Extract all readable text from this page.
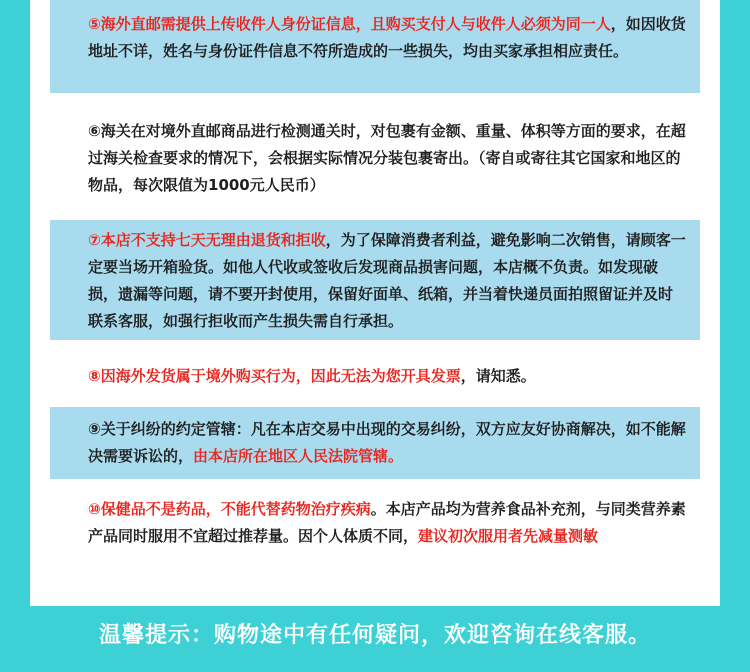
⑤海外直邮需提供上传收件人身份证信息，且购买支付人与收件人必须为同一人，如因收货地址不详，姓名与身份证件信息不符所造成的一些损失，均由买家承担相应责任。
⑥海关在对境外直邮商品进行检测通关时，对包裹有金额、重量、体积等方面的要求，在超过海关检查要求的情况下，会根据实际情况分装包裹寄出。（寄自或寄往其它国家和地区的物品，每次限值为1000元人民币）
⑦本店不支持七天无理由退货和拒收，为了保障消费者利益，避免影响二次销售，请顾客一定要当场开箱验货。如他人代收或签收后发现商品损害问题，本店概不负责。如发现破损，遗漏等问题，请不要开封使用，保留好面单、纸箱，并当着快递员面拍照留证并及时联系客服，如强行拒收而产生损失需自行承担。
⑧因海外发货属于境外购买行为，因此无法为您开具发票，请知悉。
⑨关于纠纷的约定管辖：凡在本店交易中出现的交易纠纷，双方应友好协商解决，如不能解决需要诉讼的，由本店所在地区人民法院管辖。
⑩保健品不是药品，不能代替药物治疗疾病。本店产品均为营养食品补充剂，与同类营养素产品同时服用不宜超过推荐量。因个人体质不同，建议初次服用者先减量测敏
温馨提示：购物途中有任何疑问，欢迎咨询在线客服。
